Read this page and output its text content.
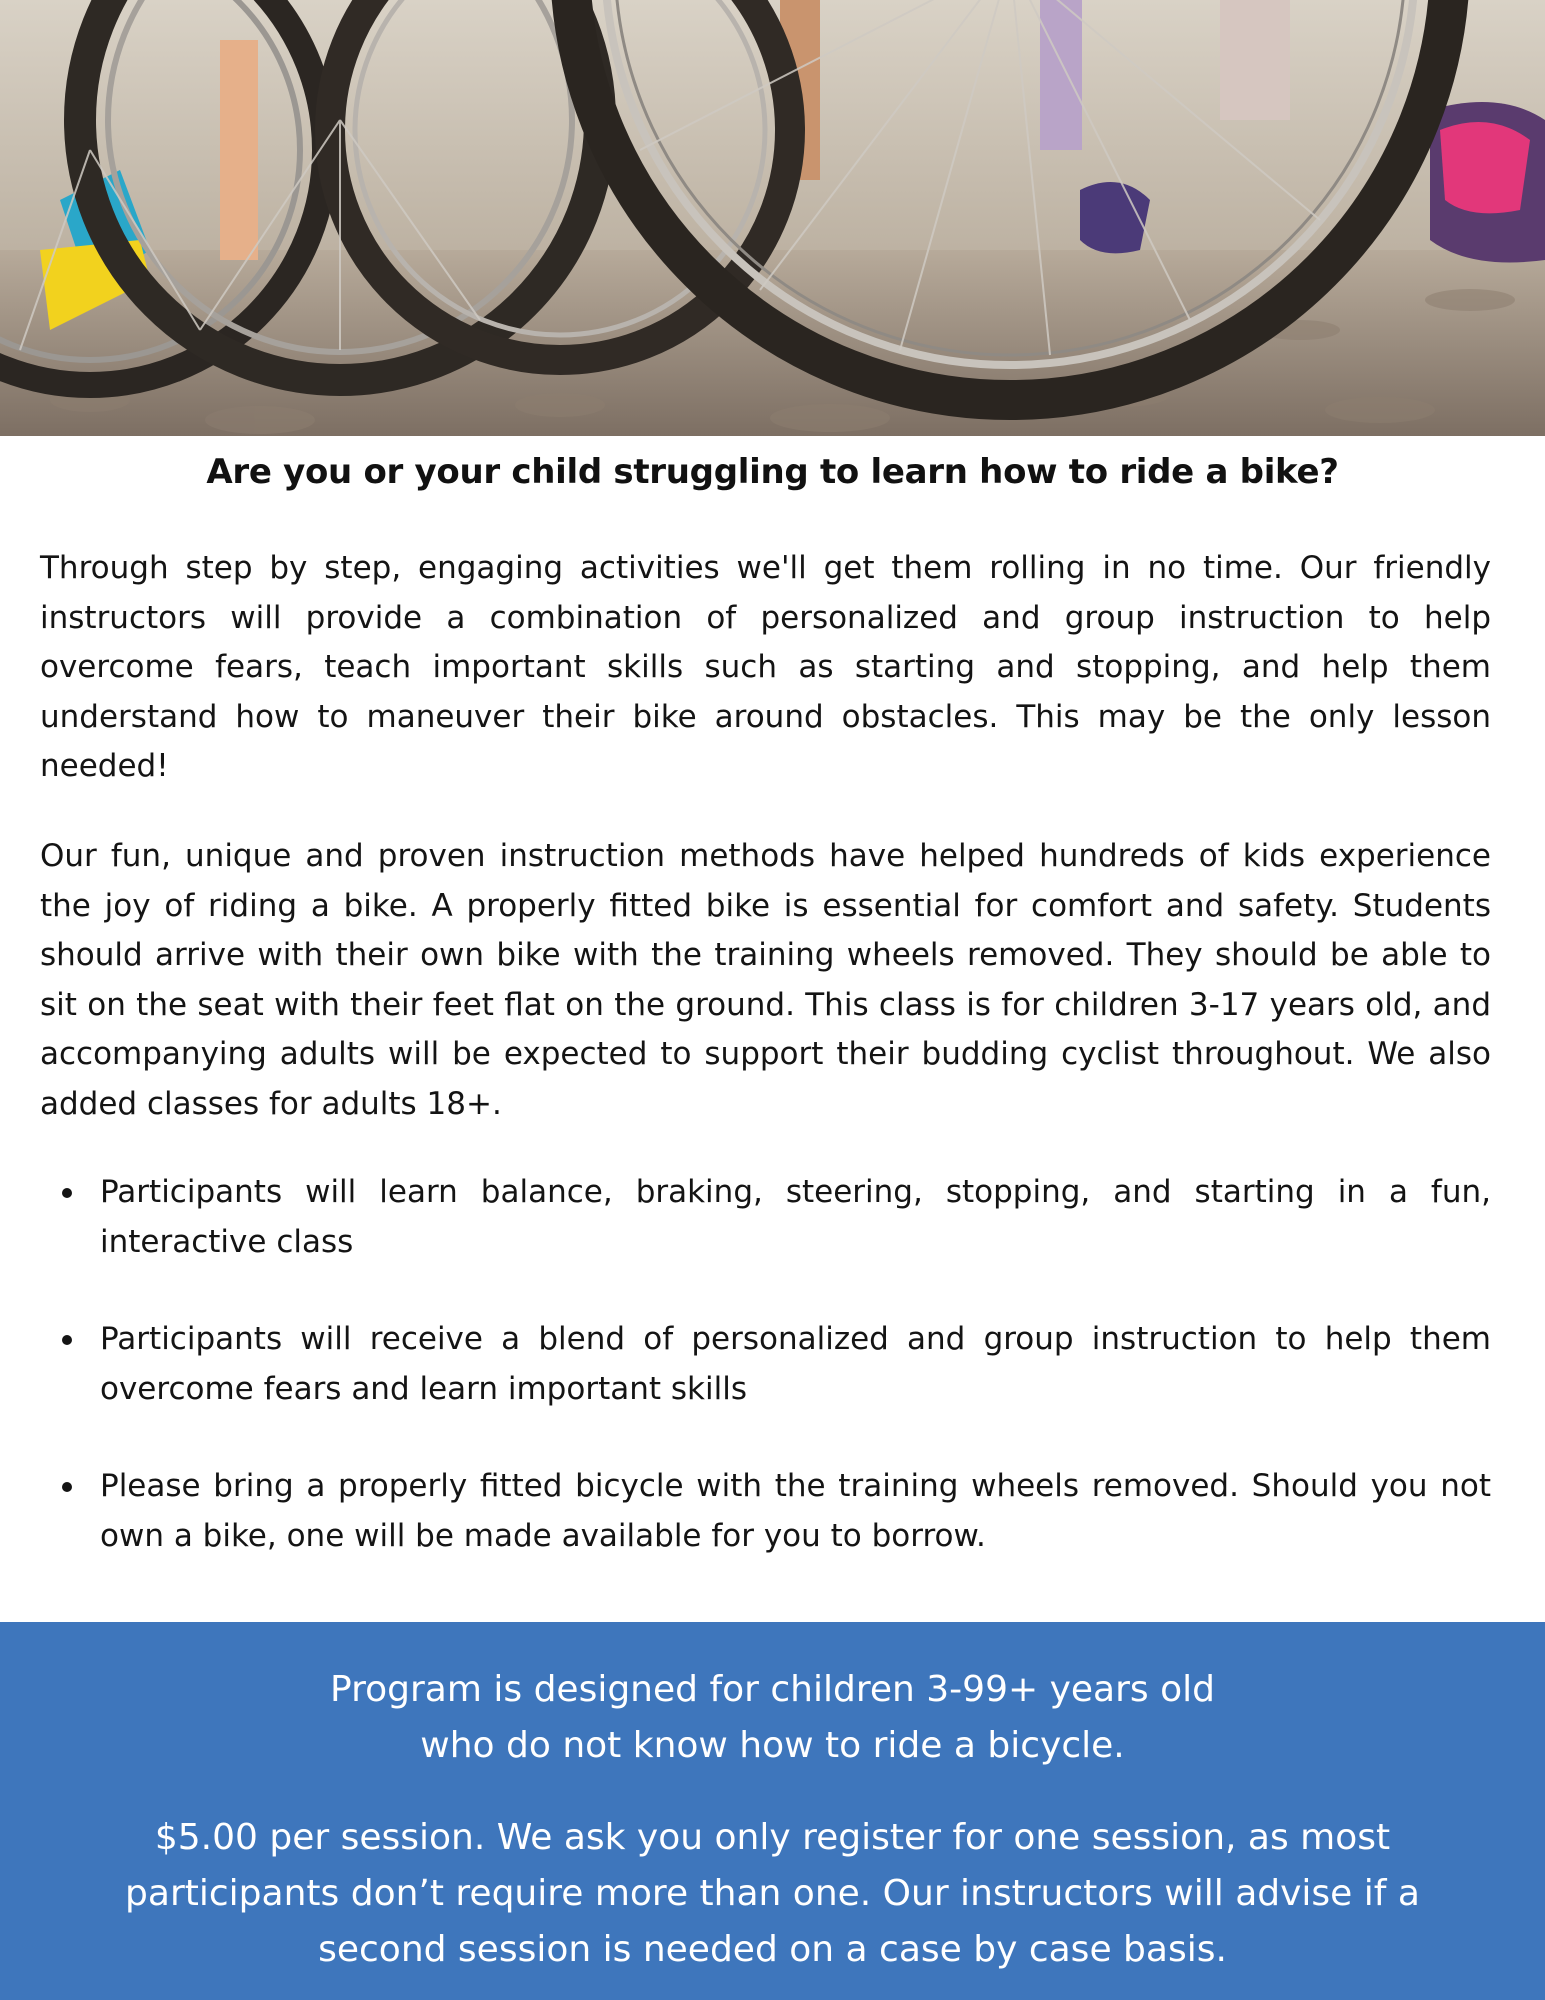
Are you or your child struggling to learn how to ride a bike?

Through step by step, engaging activities we'll get them rolling in no time. Our friendly instructors will provide a combination of personalized and group instruction to help overcome fears, teach important skills such as starting and stopping, and help them understand how to maneuver their bike around obstacles. This may be the only lesson needed!

Our fun, unique and proven instruction methods have helped hundreds of kids experience the joy of riding a bike. A properly fitted bike is essential for comfort and safety. Students should arrive with their own bike with the training wheels removed. They should be able to sit on the seat with their feet flat on the ground. This class is for children 3-17 years old, and accompanying adults will be expected to support their budding cyclist throughout. We also added classes for adults 18+.

Participants will learn balance, braking, steering, stopping, and starting in a fun, interactive class
Participants will receive a blend of personalized and group instruction to help them overcome fears and learn important skills
Please bring a properly fitted bicycle with the training wheels removed. Should you not own a bike, one will be made available for you to borrow.

Program is designed for children 3-99+ years old

who do not know how to ride a bicycle.

$5.00 per session. We ask you only register for one session, as most participants don’t require more than one. Our instructors will advise if a second session is needed on a case by case basis.
